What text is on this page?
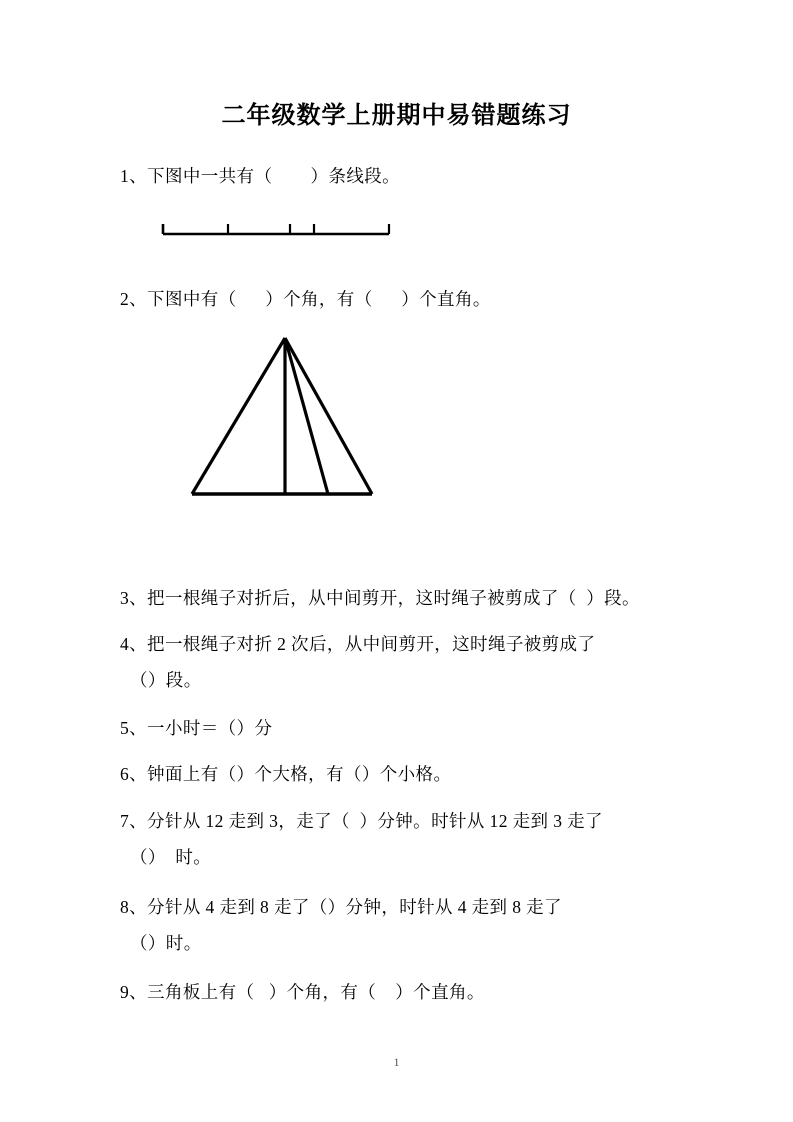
二年级数学上册期中易错题练习
1、下图中一共有（        ）条线段。
2、下图中有（      ）个角，有（      ）个直角。
3、把一根绳子对折后，从中间剪开，这时绳子被剪成了（  ）段。
4、把一根绳子对折 2 次后，从中间剪开，这时绳子被剪成了
（）段。
5、一小时＝（）分
6、钟面上有（）个大格，有（）个小格。
7、分针从 12 走到 3，走了（  ）分钟。时针从 12 走到 3 走了
（）  时。
8、分针从 4 走到 8 走了（）分钟，时针从 4 走到 8 走了
（）时。
9、三角板上有（   ）个角，有（    ）个直角。
1
